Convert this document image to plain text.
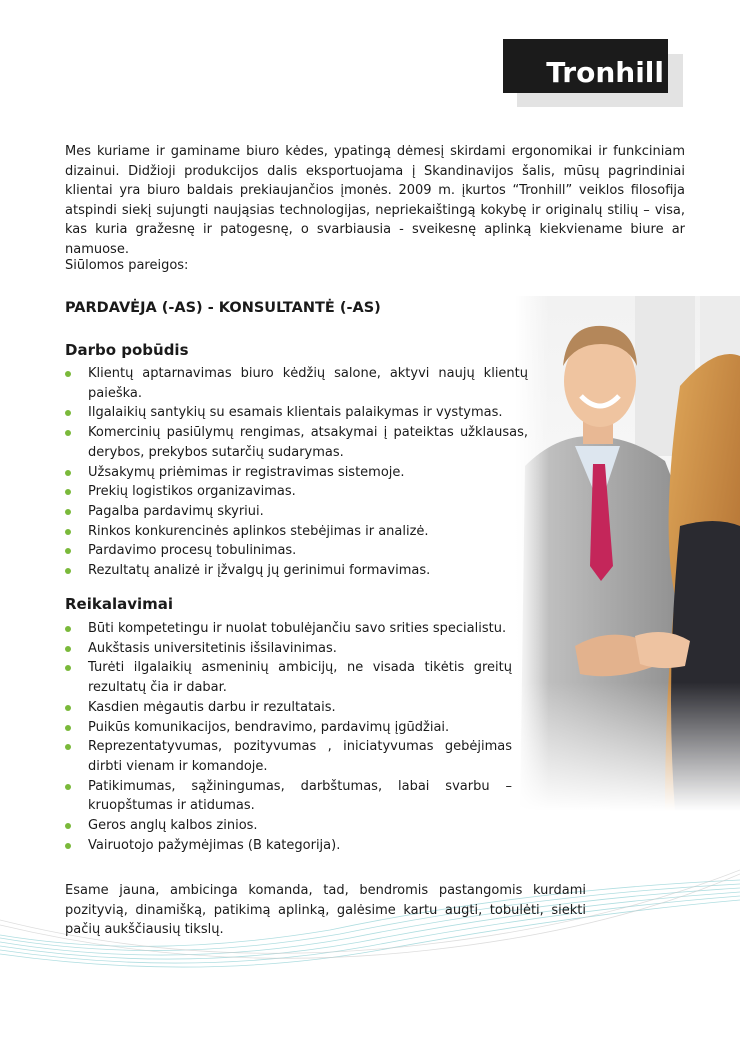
Tronhill

Mes kuriame ir gaminame biuro kėdes, ypatingą dėmesį skirdami ergonomikai ir funkciniam dizainui. Didžioji produkcijos dalis eksportuojama į Skandinavijos šalis, mūsų pagrindiniai klientai yra biuro baldais prekiaujančios įmonės. 2009 m. įkurtos “Tronhill” veiklos filosofija atspindi siekį sujungti naująsias technologijas, nepriekaištingą kokybę ir originalų stilių – visa, kas kuria gražesnę ir patogesnę, o svarbiausia - sveikesnę aplinką kiekviename biure ar namuose.

Siūlomos pareigos:

PARDAVĖJA (-AS) - KONSULTANTĖ (-AS)
Darbo pobūdis
Klientų aptarnavimas biuro kėdžių salone, aktyvi naujų klientų paieška.
Ilgalaikių santykių su esamais klientais palaikymas ir vystymas.
Komercinių pasiūlymų rengimas, atsakymai į pateiktas užklausas, derybos, prekybos sutarčių sudarymas.
Užsakymų priėmimas ir registravimas sistemoje.
Prekių logistikos organizavimas.
Pagalba pardavimų skyriui.
Rinkos konkurencinės aplinkos stebėjimas ir analizė.
Pardavimo procesų tobulinimas.
Rezultatų analizė ir įžvalgų jų gerinimui formavimas.
Reikalavimai
Būti kompetetingu ir nuolat tobulėjančiu savo srities specialistu.
Aukštasis universitetinis išsilavinimas.
Turėti ilgalaikių asmeninių ambicijų, ne visada tikėtis greitų rezultatų čia ir dabar.
Kasdien mėgautis darbu ir rezultatais.
Puikūs komunikacijos, bendravimo, pardavimų įgūdžiai.
Reprezentatyvumas, pozityvumas , iniciatyvumas gebėjimas dirbti vienam ir komandoje.
Patikimumas, sąžiningumas, darbštumas, labai svarbu – kruopštumas ir atidumas.
Geros anglų kalbos zinios.
Vairuotojo pažymėjimas (B kategorija).

Esame jauna, ambicinga komanda, tad, bendromis pastangomis kurdami pozityvią, dinamišką, patikimą aplinką, galėsime kartu augti, tobulėti, siekti pačių aukščiausių tikslų.
